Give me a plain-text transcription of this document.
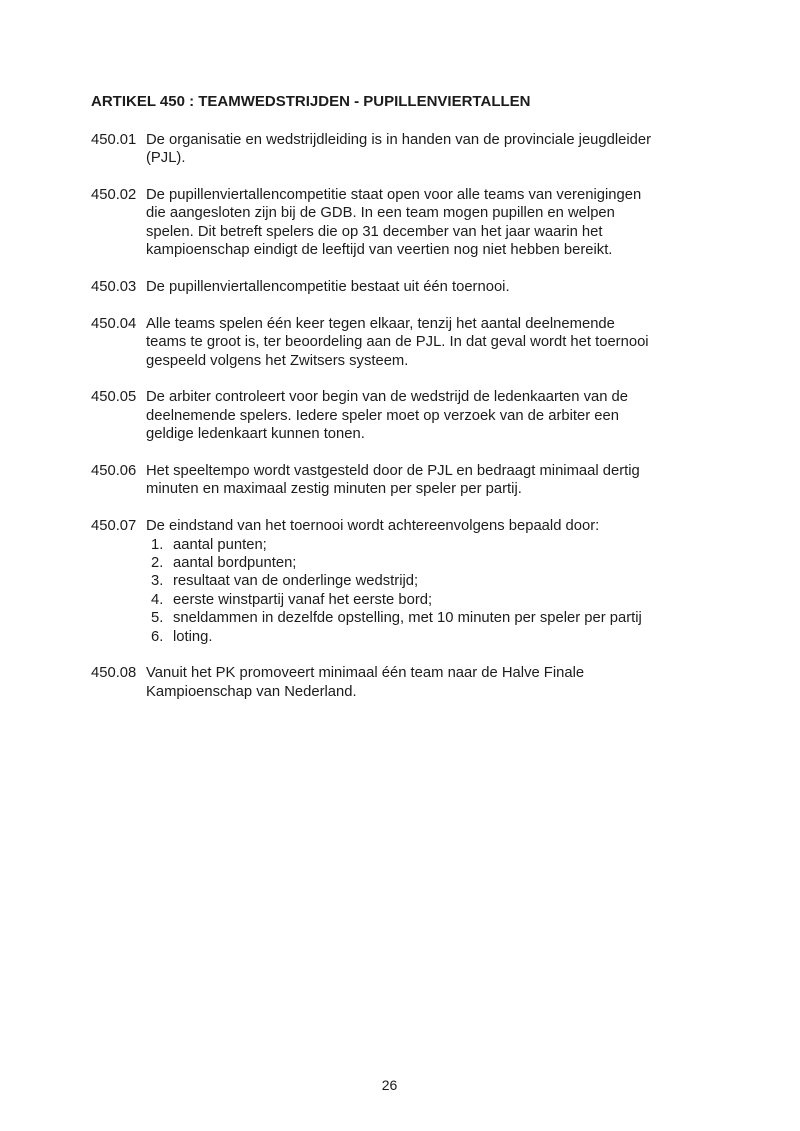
ARTIKEL 450 : TEAMWEDSTRIJDEN - PUPILLENVIERTALLEN
450.01 De organisatie en wedstrijdleiding is in handen van de provinciale jeugdleider
(PJL).
450.02 De pupillenviertallencompetitie staat open voor alle teams van verenigingen
die aangesloten zijn bij de GDB. In een team mogen pupillen en welpen
spelen. Dit betreft spelers die op 31 december van het jaar waarin het
kampioenschap eindigt de leeftijd van veertien nog niet hebben bereikt.
450.03 De pupillenviertallencompetitie bestaat uit één toernooi.
450.04 Alle teams spelen één keer tegen elkaar, tenzij het aantal deelnemende
teams te groot is, ter beoordeling aan de PJL. In dat geval wordt het toernooi
gespeeld volgens het Zwitsers systeem.
450.05 De arbiter controleert voor begin van de wedstrijd de ledenkaarten van de
deelnemende spelers. Iedere speler moet op verzoek van de arbiter een
geldige ledenkaart kunnen tonen.
450.06 Het speeltempo wordt vastgesteld door de PJL en bedraagt minimaal dertig
minuten en maximaal zestig minuten per speler per partij.
450.07 De eindstand van het toernooi wordt achtereenvolgens bepaald door:
1. aantal punten;
2. aantal bordpunten;
3. resultaat van de onderlinge wedstrijd;
4. eerste winstpartij vanaf het eerste bord;
5. sneldammen in dezelfde opstelling, met 10 minuten per speler per partij
6. loting.
450.08 Vanuit het PK promoveert minimaal één team naar de Halve Finale
Kampioenschap van Nederland.
26
